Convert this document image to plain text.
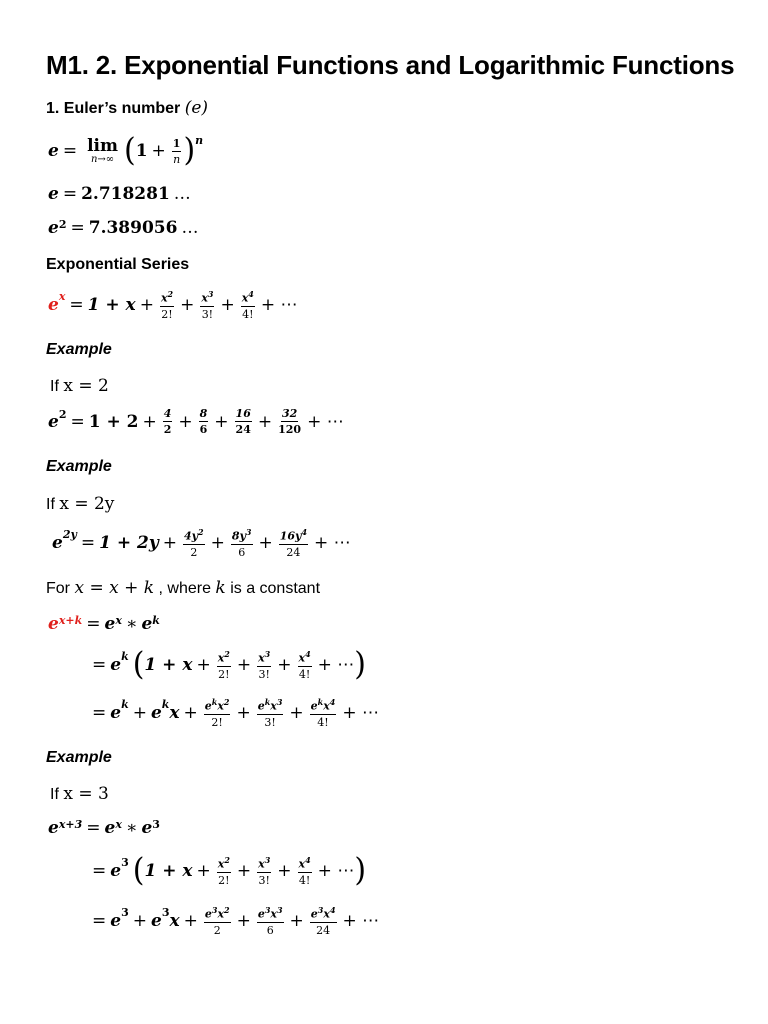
M1. 2. Exponential Functions and Logarithmic Functions
1. Euler’s number (e)
e = lim
n→∞ ( $1 + \frac{1}{n} )^n$
e = 2.718281 …
$e^2 = 7.389056$ …
Exponential Series
$e^x = 1 + x + \frac{x^2}{2!} + \frac{x^3}{3!} + \frac{x^4}{4!}$ + ⋯
Example
If x = 2
$e^2 = 1 + 2 + \frac{4}{2} + \frac{8}{6} + \frac{16}{24} + \frac{32}{120}$ + ⋯
Example
If x = 2y
$e^{2y} = 1 + 2y + \frac{4y^2}{2} + \frac{8y^3}{6} + \frac{16y^4}{24}$ + ⋯
For x = x + k , where k is a constant
$e^{x+k} = e^x$ ∗ $e^k$
= $e^k$ ( $1 + x + \frac{x^2}{2!} + \frac{x^3}{3!} + \frac{x^4}{4!}$ + ⋯ )
= $e^k + e^k$ $x + \frac{e^kx^2}{2!} + \frac{e^kx^3}{3!} + \frac{e^kx^4}{4!}$ + ⋯
Example
If x = 3
$e^{x+3} = e^x$ ∗ $e^3$
= $e^3$ ( $1 + x + \frac{x^2}{2!} + \frac{x^3}{3!} + \frac{x^4}{4!}$ + ⋯ )
= $e^3 + e^3$ $x + \frac{e^3x^2}{2} + \frac{e^3x^3}{6} + \frac{e^3x^4}{24}$ + ⋯
